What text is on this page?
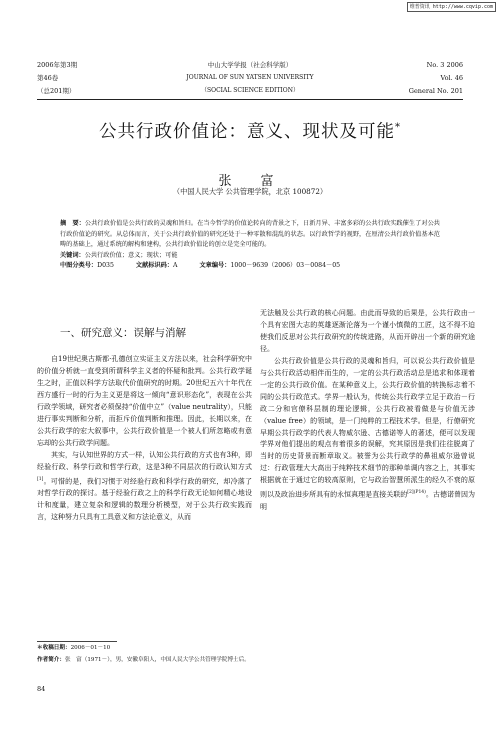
维普资讯 http://www.cqvip.com
2006年第3期
第46卷
（总201期）
中山大学学报（社会科学版）
JOURNAL OF SUN YATSEN UNIVERSITY
（SOCIAL SCIENCE EDITION）
No. 3 2006
Vol. 46
General No. 201
公共行政价值论：意义、现状及可能*
张　富
（中国人民大学 公共管理学院，北京 100872）
摘　要：公共行政价值是公共行政的灵魂和旨归。在当今哲学的价值论转向的背景之下，日新月异、丰富多彩的公共行政实践催生了对公共行政价值论的研究。从总体而言，关于公共行政价值的研究还处于一种零散和混乱的状态。以行政哲学的视野，在厘清公共行政价值基本范畴的基础上，通过系统的解构和建构，公共行政价值论的创立是完全可能的。
关键词：公共行政价值；意义；现状；可能
中图分类号：D035	文献标识码：A	文章编号：1000－9639（2006）03－0084－05
一、研究意义：误解与消解

自19世纪奥古斯都·孔德创立实证主义方法以来，社会科学研究中的价值分析就一直受到所谓科学主义者的怀疑和批判。公共行政学诞生之时，正值以科学方法取代价值研究的时期。20世纪五六十年代在西方盛行一时的行为主义更是将这一倾向“意识形态化”，表现在公共行政学领域，研究者必须保持“价值中立”（value neutrality），只能进行事实判断和分析，而拒斥价值判断和推理。因此，长期以来，在公共行政学的宏大叙事中，公共行政价值是一个被人们所忽略或有意忘却的公共行政学问题。

其实，与认知世界的方式一样，认知公共行政的方式也有3种，即经验行政、科学行政和哲学行政，这是3种不同层次的行政认知方式[1]。可惜的是，我们习惯于对经验行政和科学行政的研究，却冷落了对哲学行政的探讨。基于经验行政之上的科学行政无论如何精心地设计和度量，建立复杂和逻辑的数理分析模型，对于公共行政实践而言，这种努力只具有工具意义和方法论意义，从而

无法触及公共行政的核心问题。由此而导致的后果是，公共行政由一个具有宏图大志的英雄逐渐沦落为一个谨小慎微的工匠，这不得不迫使我们反思对公共行政研究的传统进路，从而开辟出一个新的研究途径。

公共行政价值是公共行政的灵魂和旨归，可以说公共行政价值是与公共行政活动相伴而生的，一定的公共行政活动总是追求和体现着一定的公共行政价值。在某种意义上，公共行政价值的转换标志着不同的公共行政范式。学界一般认为，传统公共行政学立足于政治－行政二分和官僚科层制的理论逻辑，公共行政被看做是与价值无涉（value free）的领域，是一门纯粹的工程技术学。但是，行僚研究早期公共行政学的代表人物威尔逊、古德诺等人的著述，便可以发现学界对他们提出的观点有着很多的误解，究其原因是我们往往脱离了当时的历史背景而断章取义。被誉为公共行政学的鼻祖威尔逊曾说过：行政管理大大高出于纯粹技术细节的那种单调内容之上，其事实根据就在于通过它的较高原则，它与政治智慧所派生的经久不衰的原则以及政治进步所具有的永恒真理是直接关联的$^{[2](P14)}$。古德诺曾因为明

＊收稿日期：2006－01－10
作者简介：张　富（1971－），男，安徽阜阳人，中国人民大学公共管理学院博士后。
84
